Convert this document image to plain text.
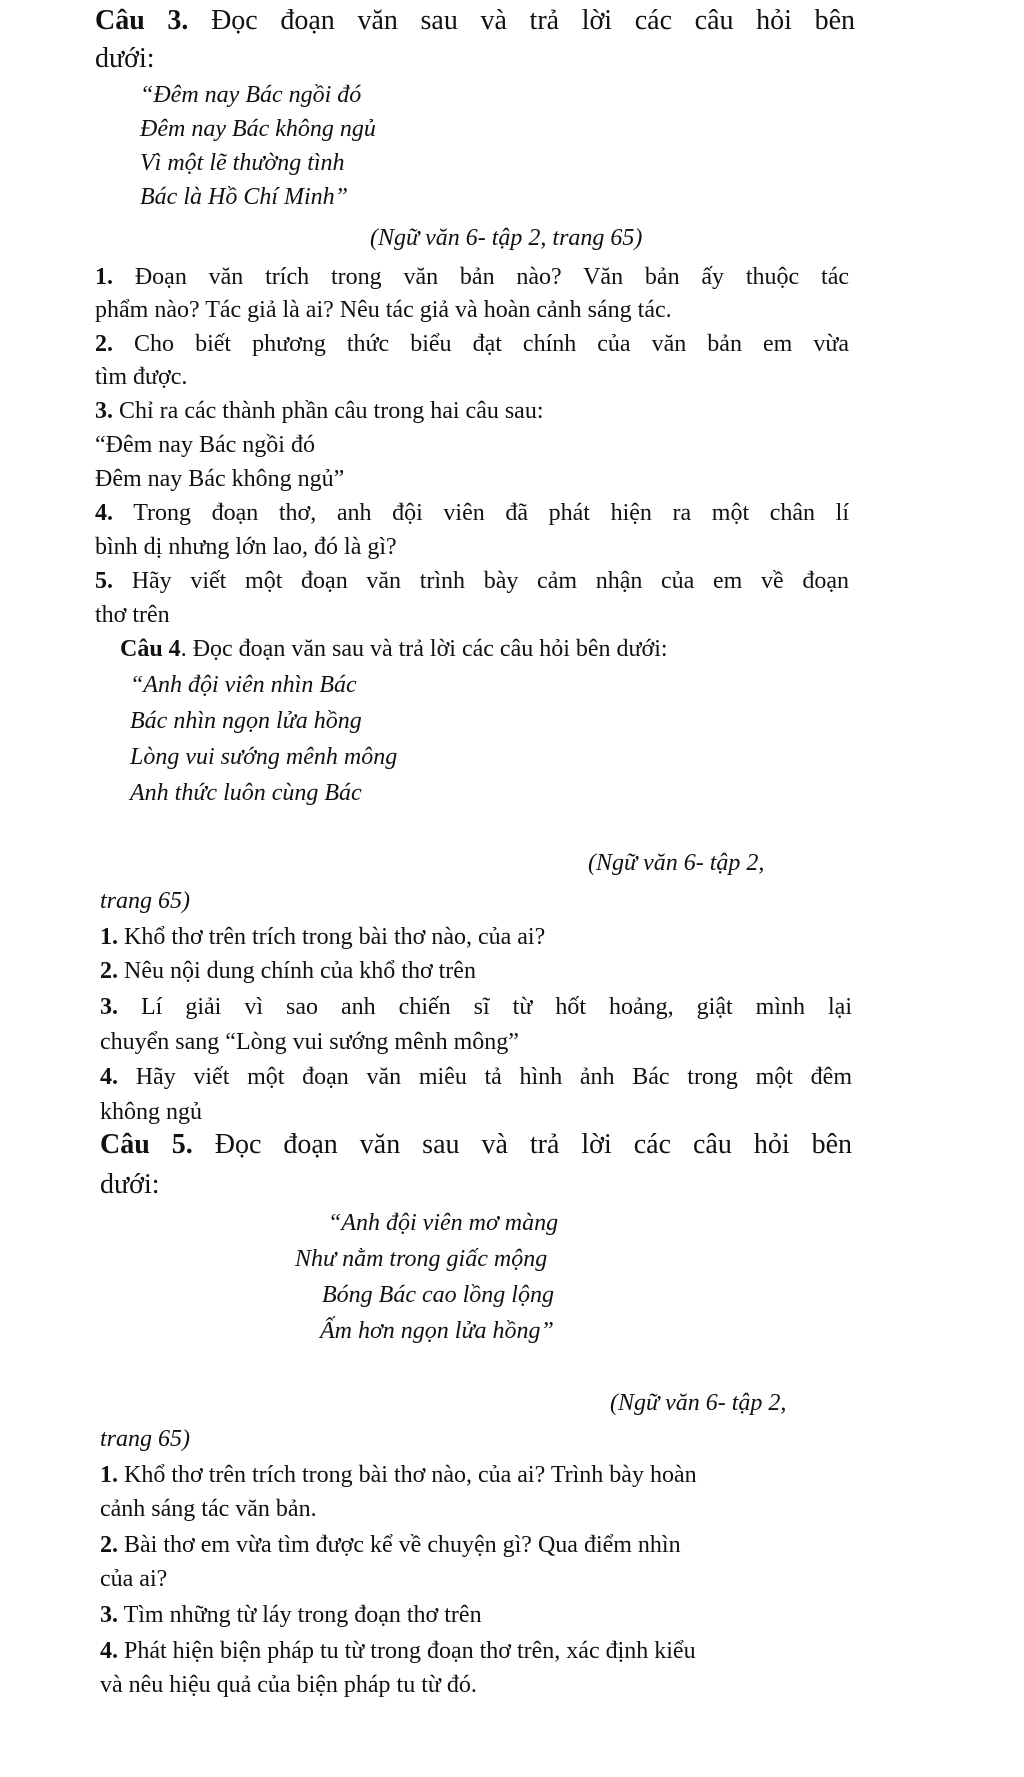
Câu 3. Đọc đoạn văn sau và trả lời các câu hỏi bên
dưới:
“Đêm nay Bác ngồi đó
Đêm nay Bác không ngủ
Vì một lẽ thường tình
Bác là Hồ Chí Minh”
(Ngữ văn 6- tập 2, trang 65)
1. Đoạn văn trích trong văn bản nào? Văn bản ấy thuộc tác
phẩm nào? Tác giả là ai? Nêu tác giả và hoàn cảnh sáng tác.
2. Cho biết phương thức biểu đạt chính của văn bản em vừa
tìm được.
3. Chỉ ra các thành phần câu trong hai câu sau:
“Đêm nay Bác ngồi đó
Đêm nay Bác không ngủ”
4. Trong đoạn thơ, anh đội viên đã phát hiện ra một chân lí
bình dị nhưng lớn lao, đó là gì?
5. Hãy viết một đoạn văn trình bày cảm nhận của em về đoạn
thơ trên
Câu 4. Đọc đoạn văn sau và trả lời các câu hỏi bên dưới:
“Anh đội viên nhìn Bác
Bác nhìn ngọn lửa hồng
Lòng vui sướng mênh mông
Anh thức luôn cùng Bác
(Ngữ văn 6- tập 2,
trang 65)
1. Khổ thơ trên trích trong bài thơ nào, của ai?
2. Nêu nội dung chính của khổ thơ trên
3. Lí giải vì sao anh chiến sĩ từ hốt hoảng, giật mình lại
chuyển sang “Lòng vui sướng mênh mông”
4. Hãy viết một đoạn văn miêu tả hình ảnh Bác trong một đêm
không ngủ
Câu 5. Đọc đoạn văn sau và trả lời các câu hỏi bên
dưới:
“Anh đội viên mơ màng
Như nằm trong giấc mộng
Bóng Bác cao lồng lộng
Ấm hơn ngọn lửa hồng”
(Ngữ văn 6- tập 2,
trang 65)
1. Khổ thơ trên trích trong bài thơ nào, của ai? Trình bày hoàn
cảnh sáng tác văn bản.
2. Bài thơ em vừa tìm được kể về chuyện gì? Qua điểm nhìn
của ai?
3. Tìm những từ láy trong đoạn thơ trên
4. Phát hiện biện pháp tu từ trong đoạn thơ trên, xác định kiểu
và nêu hiệu quả của biện pháp tu từ đó.
